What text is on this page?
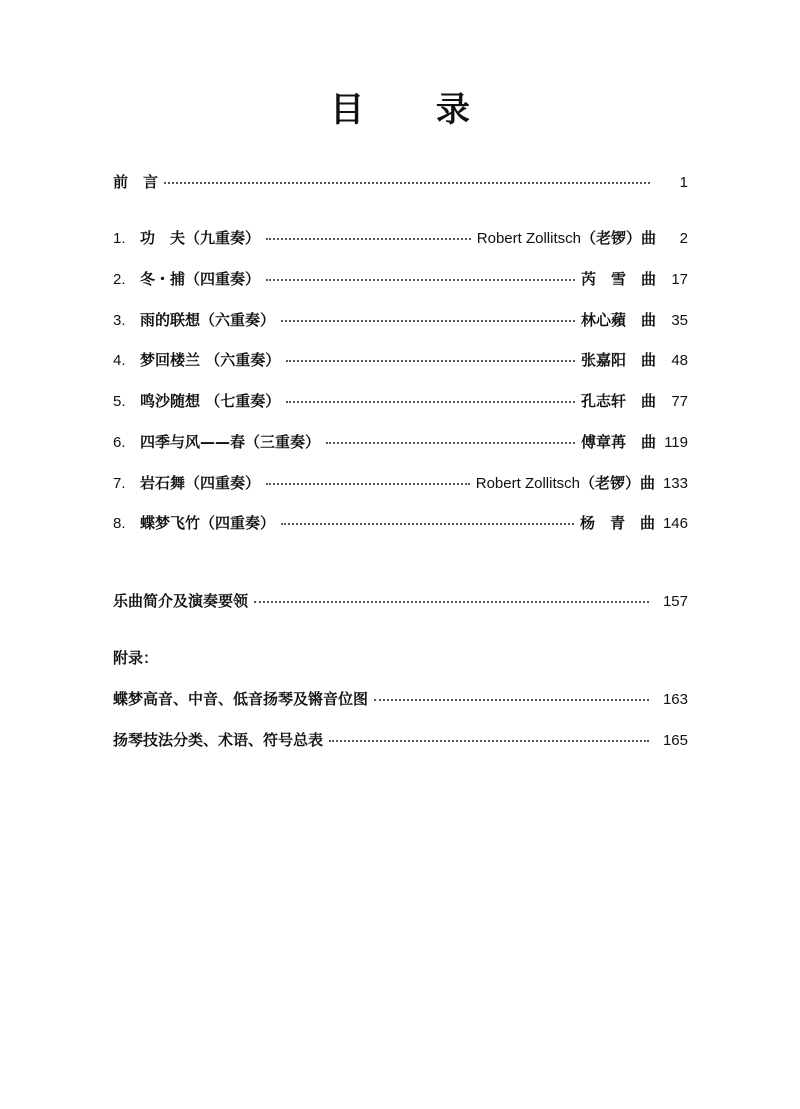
目 录
前　言	1
1. 功　夫（九重奏）	Robert Zollitsch（老锣）曲	2
2. 冬・捕（四重奏）	芮　雪　曲	17
3. 雨的联想（六重奏）	林心蘋　曲	35
4. 梦回楼兰 （六重奏）	张嘉阳　曲	48
5. 鸣沙随想 （七重奏）	孔志轩　曲	77
6. 四季与风——春（三重奏）	傅章苒　曲 119
7. 岩石舞（四重奏）	Robert Zollitsch（老锣）曲 133
8. 蝶梦飞竹（四重奏）	杨　青　曲 146
乐曲简介及演奏要领	157
附录：
蝶梦高音、中音、低音扬琴及锵音位图	163
扬琴技法分类、术语、符号总表	165
